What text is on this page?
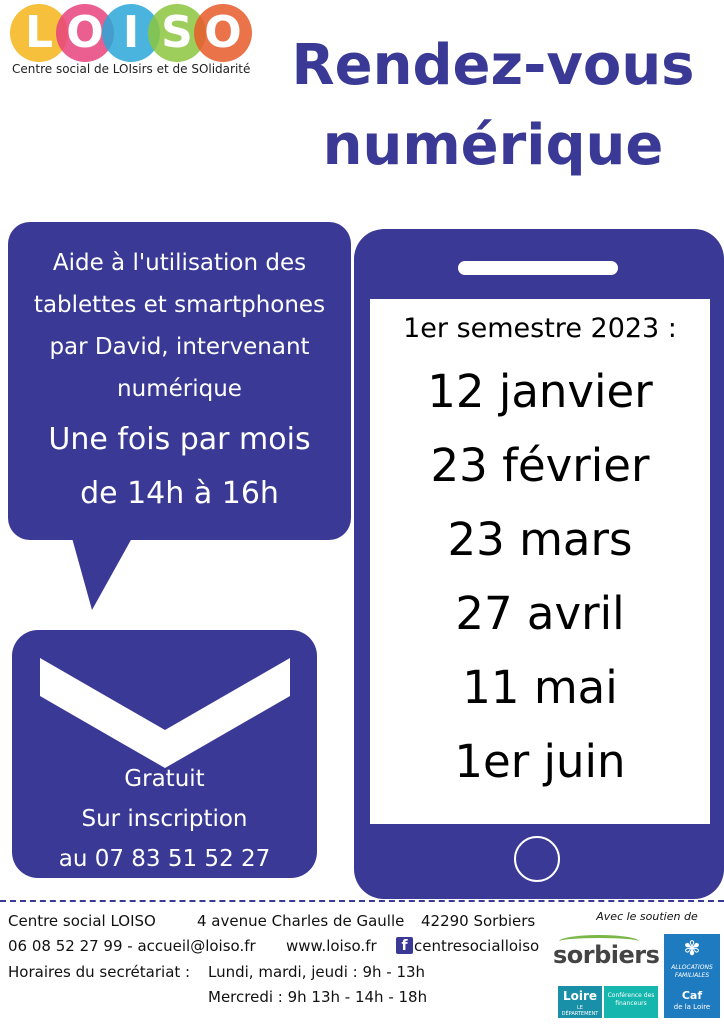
L O I S O
Centre social de LOIsirs et de SOlidarité Rendez-vous
numérique
Aide à l'utilisation des
tablettes et smartphones
par David, intervenant
numérique
Une fois par mois
de 14h à 16h
Gratuit
Sur inscription
au 07 83 51 52 27
1er semestre 2023 :
12 janvier
23 février
23 mars
27 avril
11 mai
1er juin
Centre social LOISO	4 avenue Charles de Gaulle 42290 Sorbiers
06 08 52 27 99 - accueil@loiso.fr www.loiso.fr	f centresocialloiso
Horaires du secrétariat : Lundi, mardi, jeudi : 9h - 13h
Mercredi : 9h 13h - 14h - 18h
Avec le soutien de
sorbiers	✾
ALLOCATIONS FAMILIALES
Caf
de la Loire
Loire
LE DÉPARTEMENT
Conférence des financeurs
